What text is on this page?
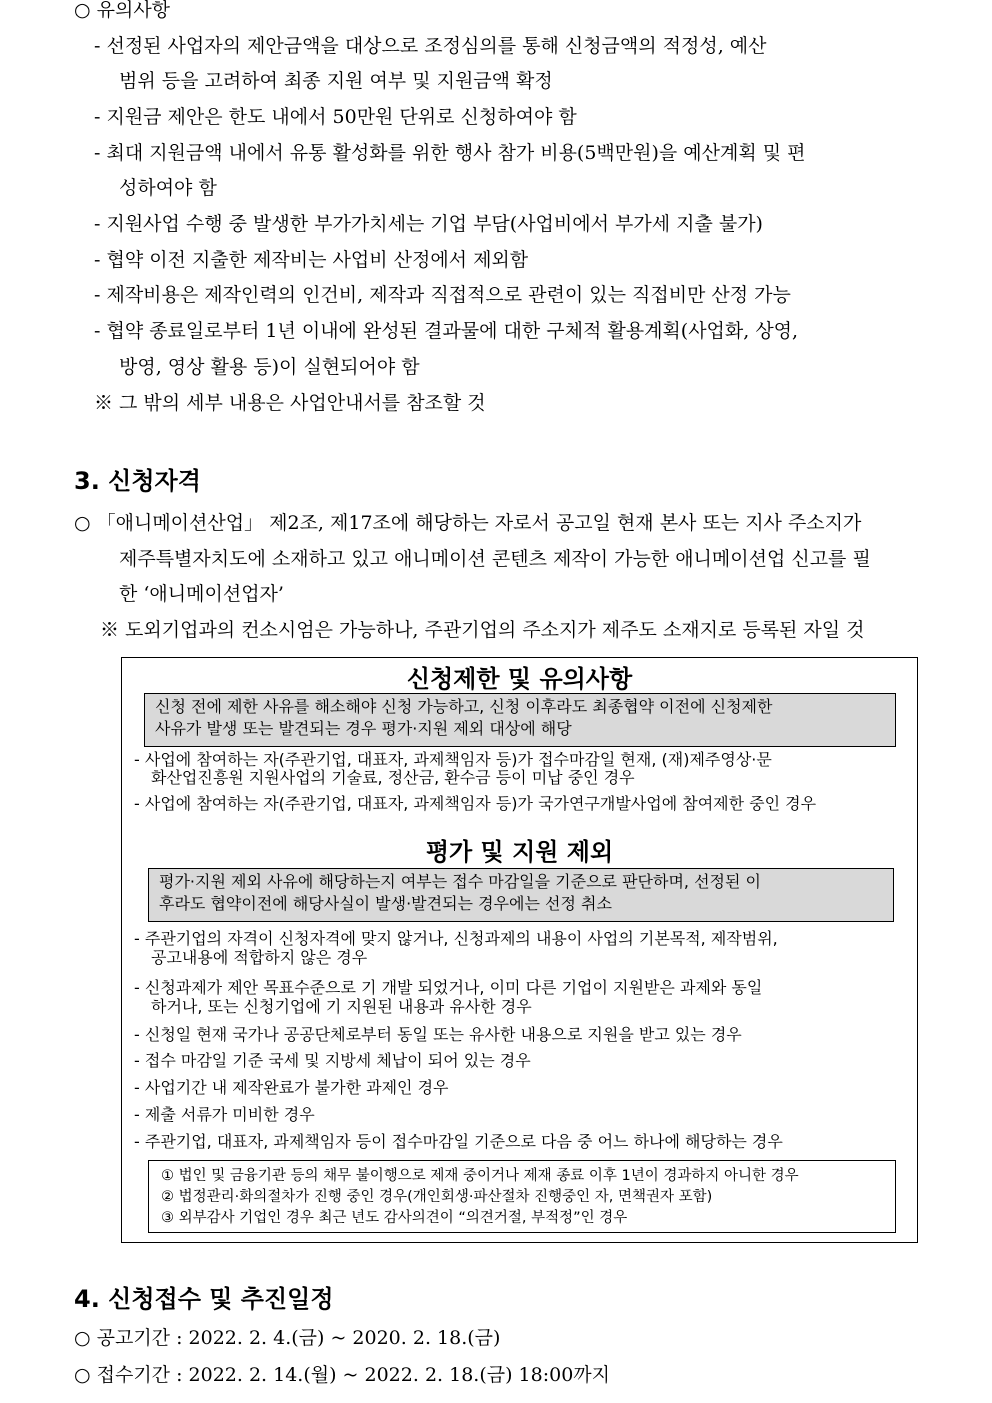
○ 유의사항
- 선정된 사업자의 제안금액을 대상으로 조정심의를 통해 신청금액의 적정성, 예산
범위 등을 고려하여 최종 지원 여부 및 지원금액 확정
- 지원금 제안은 한도 내에서 50만원 단위로 신청하여야 함
- 최대 지원금액 내에서 유통 활성화를 위한 행사 참가 비용(5백만원)을 예산계획 및 편
성하여야 함
- 지원사업 수행 중 발생한 부가가치세는 기업 부담(사업비에서 부가세 지출 불가)
- 협약 이전 지출한 제작비는 사업비 산정에서 제외함
- 제작비용은 제작인력의 인건비, 제작과 직접적으로 관련이 있는 직접비만 산정 가능
- 협약 종료일로부터 1년 이내에 완성된 결과물에 대한 구체적 활용계획(사업화, 상영,
방영, 영상 활용 등)이 실현되어야 함
※ 그 밖의 세부 내용은 사업안내서를 참조할 것
3. 신청자격
○ 「애니메이션산업」 제2조, 제17조에 해당하는 자로서 공고일 현재 본사 또는 지사 주소지가
제주특별자치도에 소재하고 있고 애니메이션 콘텐츠 제작이 가능한 애니메이션업 신고를 필
한 ‘애니메이션업자’
※ 도외기업과의 컨소시엄은 가능하나, 주관기업의 주소지가 제주도 소재지로 등록된 자일 것
신청제한 및 유의사항
신청 전에 제한 사유를 해소해야 신청 가능하고, 신청 이후라도 최종협약 이전에 신청제한
사유가 발생 또는 발견되는 경우 평가·지원 제외 대상에 해당
- 사업에 참여하는 자(주관기업, 대표자, 과제책임자 등)가 접수마감일 현재, (재)제주영상·문
화산업진흥원 지원사업의 기술료, 정산금, 환수금 등이 미납 중인 경우
- 사업에 참여하는 자(주관기업, 대표자, 과제책임자 등)가 국가연구개발사업에 참여제한 중인 경우
평가 및 지원 제외
평가·지원 제외 사유에 해당하는지 여부는 접수 마감일을 기준으로 판단하며, 선정된 이
후라도 협약이전에 해당사실이 발생·발견되는 경우에는 선정 취소
- 주관기업의 자격이 신청자격에 맞지 않거나, 신청과제의 내용이 사업의 기본목적, 제작범위,
공고내용에 적합하지 않은 경우
- 신청과제가 제안 목표수준으로 기 개발 되었거나, 이미 다른 기업이 지원받은 과제와 동일
하거나, 또는 신청기업에 기 지원된 내용과 유사한 경우
- 신청일 현재 국가나 공공단체로부터 동일 또는 유사한 내용으로 지원을 받고 있는 경우
- 접수 마감일 기준 국세 및 지방세 체납이 되어 있는 경우
- 사업기간 내 제작완료가 불가한 과제인 경우
- 제출 서류가 미비한 경우
- 주관기업, 대표자, 과제책임자 등이 접수마감일 기준으로 다음 중 어느 하나에 해당하는 경우
① 법인 및 금융기관 등의 채무 불이행으로 제재 중이거나 제재 종료 이후 1년이 경과하지 아니한 경우
② 법정관리·화의절차가 진행 중인 경우(개인회생·파산절차 진행중인 자, 면책권자 포함)
③ 외부감사 기업인 경우 최근 년도 감사의견이 “의견거절, 부적정”인 경우
4. 신청접수 및 추진일정
○ 공고기간 : 2022. 2. 4.(금) ~ 2020. 2. 18.(금)
○ 접수기간 : 2022. 2. 14.(월) ~ 2022. 2. 18.(금) 18:00까지
